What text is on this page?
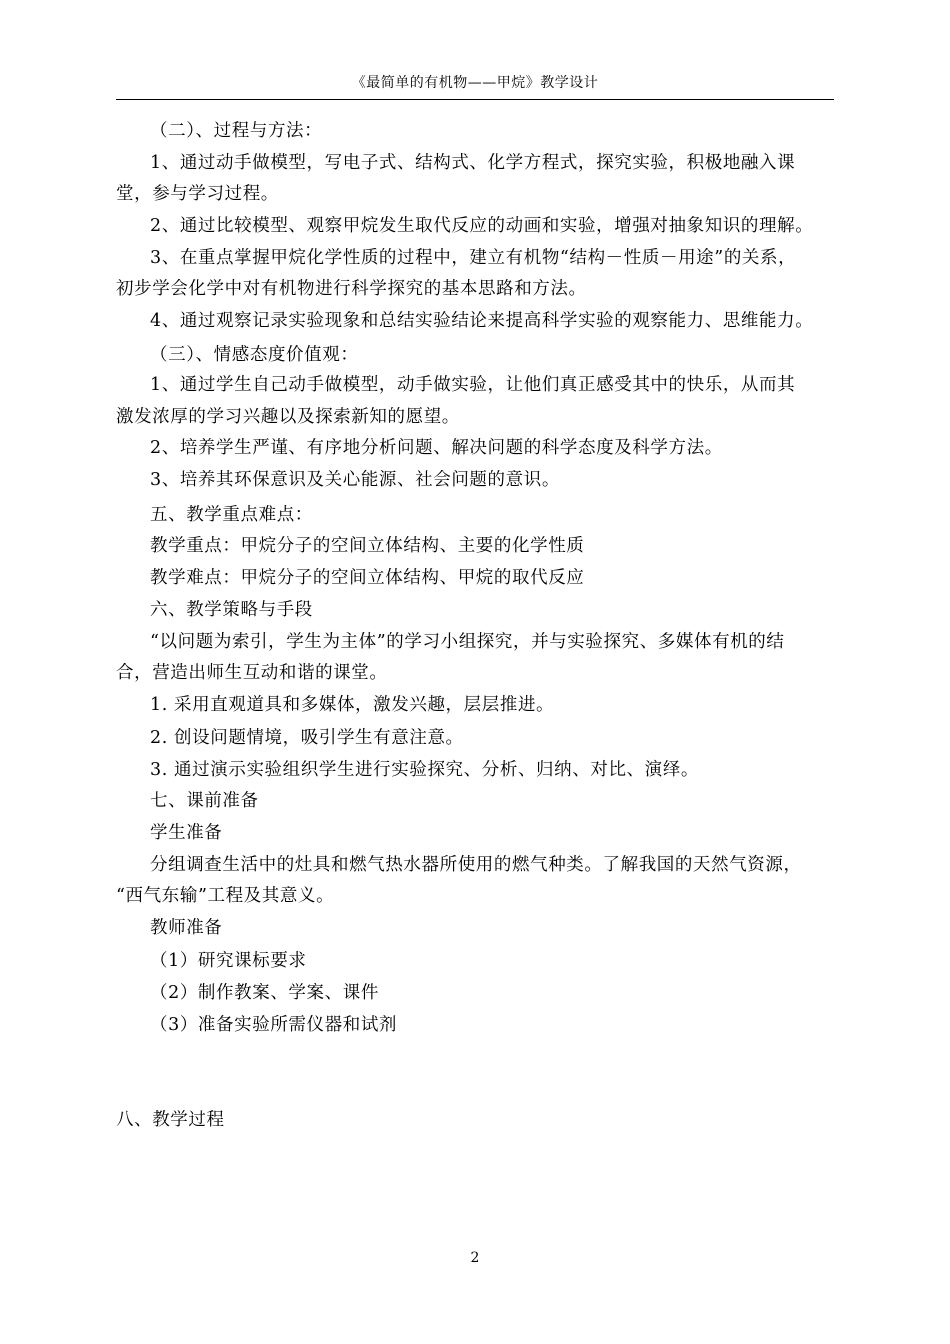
《最简单的有机物——甲烷》教学设计
（二）、过程与方法：
1、通过动手做模型，写电子式、结构式、化学方程式，探究实验，积极地融入课
堂，参与学习过程。
2、通过比较模型、观察甲烷发生取代反应的动画和实验，增强对抽象知识的理解。
3、在重点掌握甲烷化学性质的过程中，建立有机物“结构－性质－用途”的关系，
初步学会化学中对有机物进行科学探究的基本思路和方法。
4、通过观察记录实验现象和总结实验结论来提高科学实验的观察能力、思维能力。
（三）、情感态度价值观：
1、通过学生自己动手做模型，动手做实验，让他们真正感受其中的快乐，从而其
激发浓厚的学习兴趣以及探索新知的愿望。
2、培养学生严谨、有序地分析问题、解决问题的科学态度及科学方法。
3、培养其环保意识及关心能源、社会问题的意识。
五、教学重点难点：
教学重点：甲烷分子的空间立体结构、主要的化学性质
教学难点：甲烷分子的空间立体结构、甲烷的取代反应
六、教学策略与手段
“以问题为索引，学生为主体”的学习小组探究，并与实验探究、多媒体有机的结
合，营造出师生互动和谐的课堂。
1. 采用直观道具和多媒体，激发兴趣，层层推进。
2. 创设问题情境，吸引学生有意注意。
3. 通过演示实验组织学生进行实验探究、分析、归纳、对比、演绎。
七、课前准备
学生准备
分组调查生活中的灶具和燃气热水器所使用的燃气种类。了解我国的天然气资源，
“西气东输”工程及其意义。
教师准备
（1）研究课标要求
（2）制作教案、学案、课件
（3）准备实验所需仪器和试剂
八、教学过程
2
